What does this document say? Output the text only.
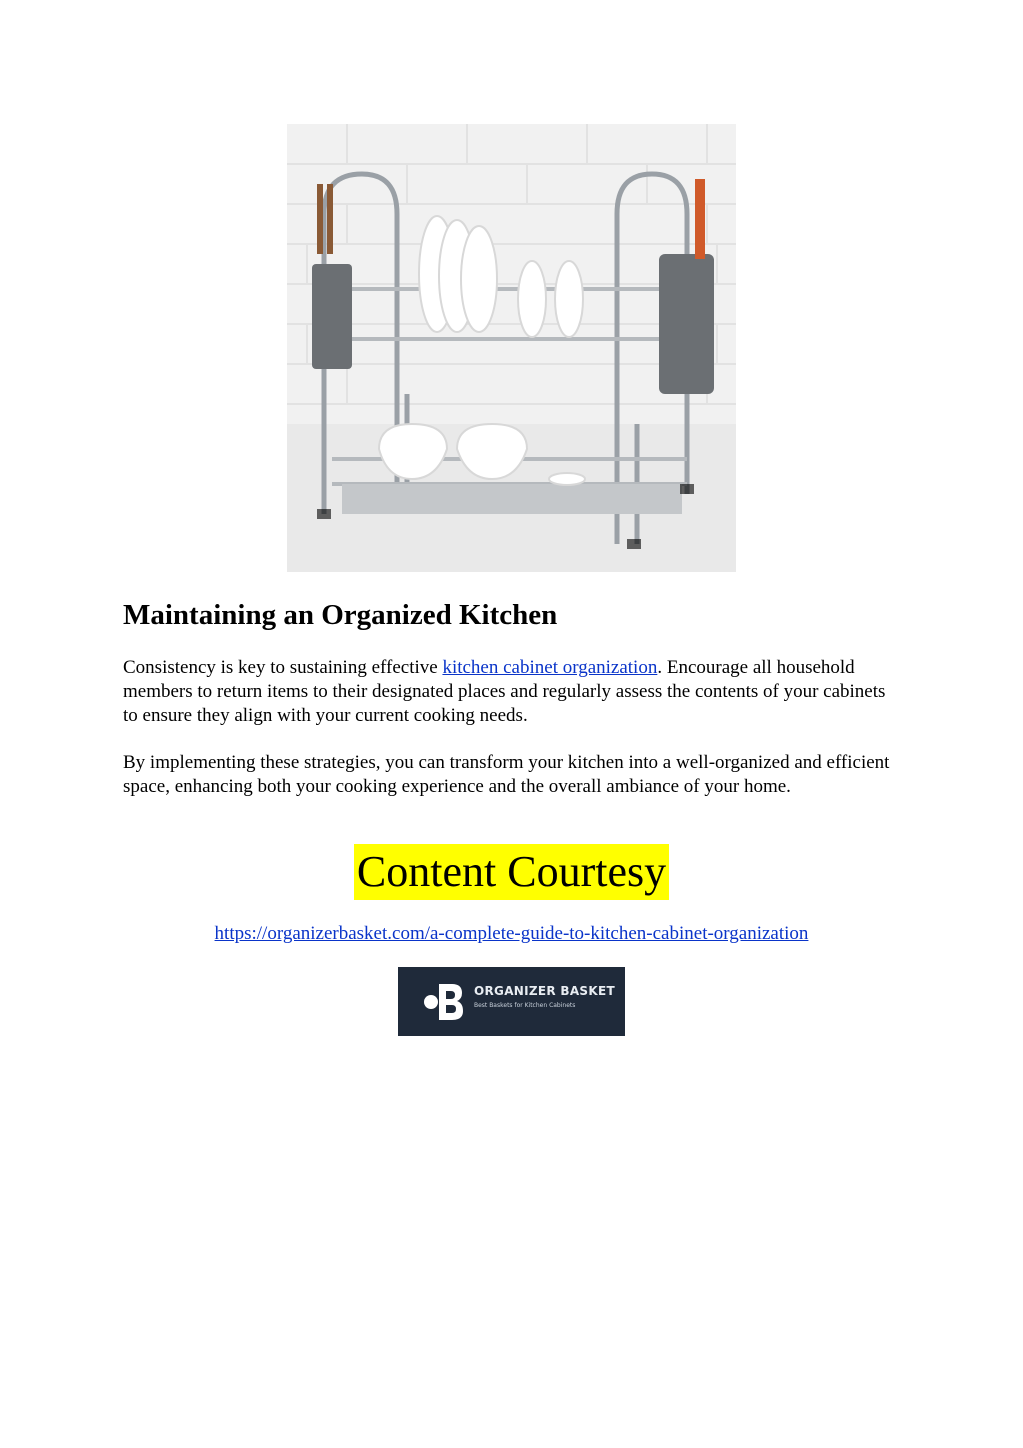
Maintaining an Organized Kitchen

Consistency is key to sustaining effective kitchen cabinet organization. Encourage all household members to return items to their designated places and regularly assess the contents of your cabinets to ensure they align with your current cooking needs.

By implementing these strategies, you can transform your kitchen into a well-organized and efficient space, enhancing both your cooking experience and the overall ambiance of your home.

Content Courtesy
https://organizerbasket.com/a-complete-guide-to-kitchen-cabinet-organization
ORGANIZER BASKET
Best Baskets for Kitchen Cabinets
